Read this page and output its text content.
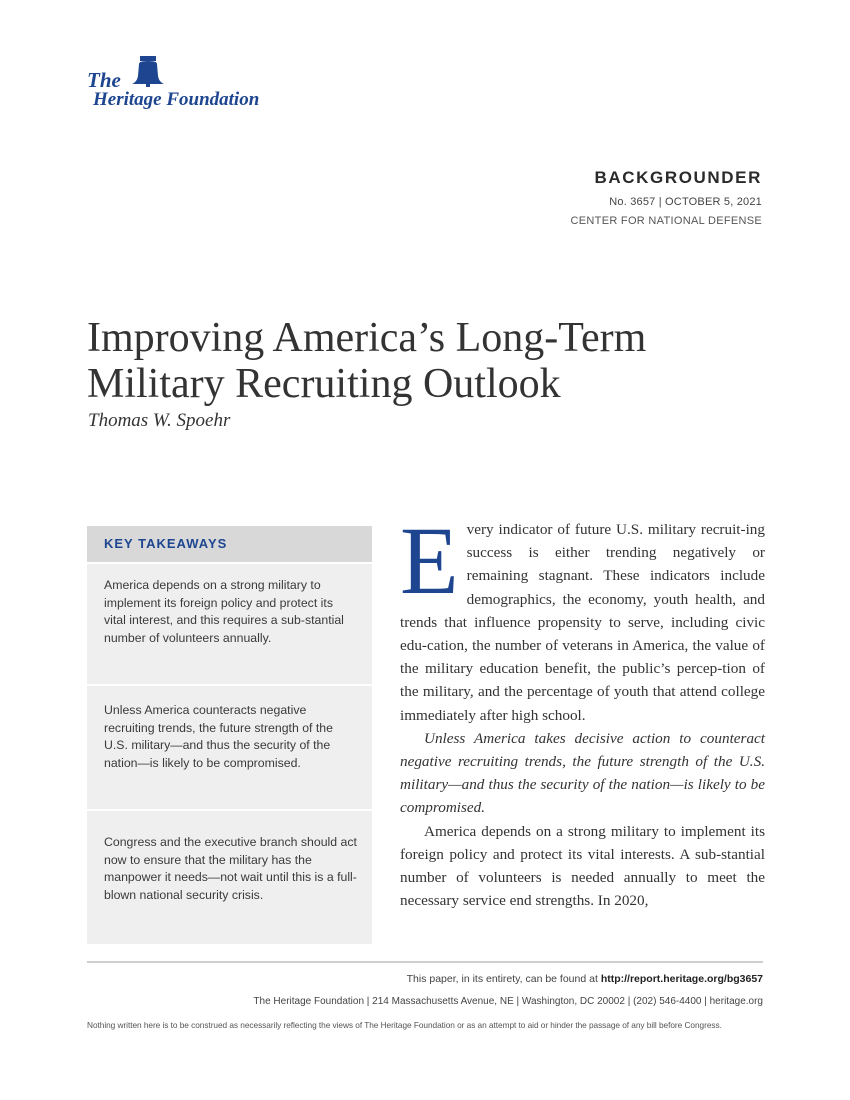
The
Heritage Foundation
BACKGROUNDER
No. 3657 | OCTOBER 5, 2021
CENTER FOR NATIONAL DEFENSE
Improving America’s Long-Term
Military Recruiting Outlook
Thomas W. Spoehr
KEY TAKEAWAYS
America depends on a strong military to implement its foreign policy and protect its vital interest, and this requires a sub-stantial number of volunteers annually.
Unless America counteracts negative recruiting trends, the future strength of the U.S. military—and thus the security of the nation—is likely to be compromised.
Congress and the executive branch should act now to ensure that the military has the manpower it needs—not wait until this is a full-blown national security crisis.
E very indicator of future U.S. military recruit-ing success is either trending negatively or remaining stagnant. These indicators include demographics, the economy, youth health, and trends that influence propensity to serve, including civic edu-cation, the number of veterans in America, the value of the military education benefit, the public’s percep-tion of the military, and the percentage of youth that attend college immediately after high school.

Unless America takes decisive action to counteract negative recruiting trends, the future strength of the U.S. military—and thus the security of the nation—is likely to be compromised.

America depends on a strong military to implement its foreign policy and protect its vital interests. A sub-stantial number of volunteers is needed annually to meet the necessary service end strengths. In 2020,

This paper, in its entirety, can be found at http://report.heritage.org/bg3657
The Heritage Foundation | 214 Massachusetts Avenue, NE | Washington, DC 20002 | (202) 546-4400 | heritage.org
Nothing written here is to be construed as necessarily reflecting the views of The Heritage Foundation or as an attempt to aid or hinder the passage of any bill before Congress.
